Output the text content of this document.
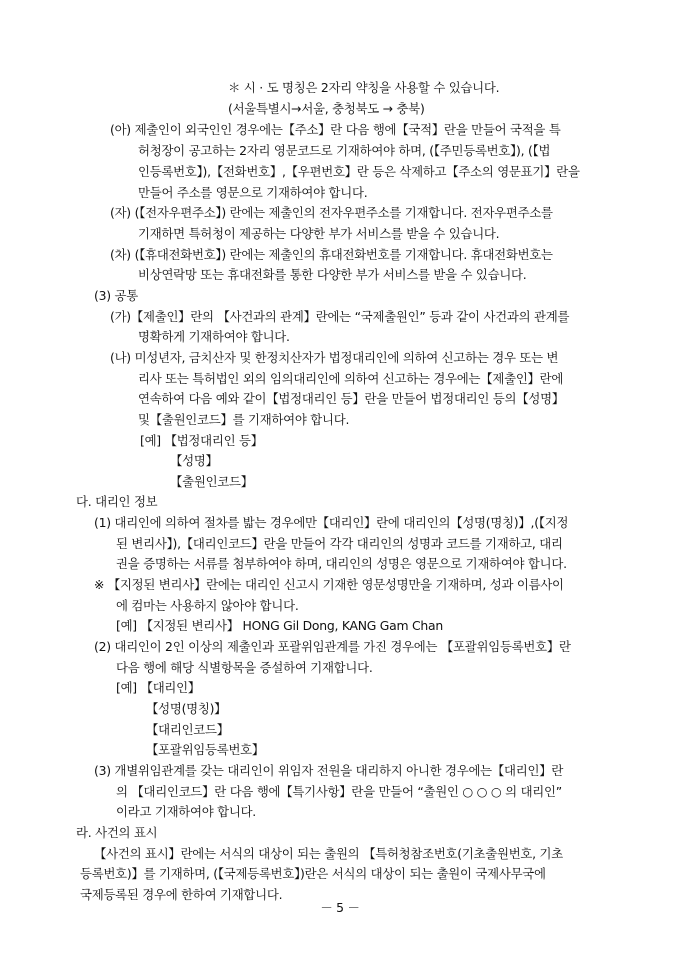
＊ 시 · 도 명칭은 2자리 약칭을 사용할 수 있습니다.
(서울특별시→서울, 충청북도 → 충북)
(아) 제출인이 외국인인 경우에는【주소】란 다음 행에【국적】란을 만들어 국적을 특
허청장이 공고하는 2자리 영문코드로 기재하여야 하며, (【주민등록번호】), (【법
인등록번호】),【전화번호】,【우편번호】란 등은 삭제하고【주소의 영문표기】란을
만들어 주소를 영문으로 기재하여야 합니다.
(자) (【전자우편주소】) 란에는 제출인의 전자우편주소를 기재합니다. 전자우편주소를
기재하면 특허청이 제공하는 다양한 부가 서비스를 받을 수 있습니다.
(차) (【휴대전화번호】) 란에는 제출인의 휴대전화번호를 기재합니다. 휴대전화번호는
비상연락망 또는 휴대전화를 통한 다양한 부가 서비스를 받을 수 있습니다.
(3) 공통
(가)【제출인】란의 【사건과의 관계】란에는 “국제출원인” 등과 같이 사건과의 관계를
명확하게 기재하여야 합니다.
(나) 미성년자, 금치산자 및 한정치산자가 법정대리인에 의하여 신고하는 경우 또는 변
리사 또는 특허법인 외의 임의대리인에 의하여 신고하는 경우에는【제출인】란에
연속하여 다음 예와 같이【법정대리인 등】란을 만들어 법정대리인 등의【성명】
및【출원인코드】를 기재하여야 합니다.
[예] 【법정대리인 등】
【성명】
【출원인코드】
다. 대리인 정보
(1) 대리인에 의하여 절차를 밟는 경우에만【대리인】란에 대리인의【성명(명칭)】,(【지정
된 변리사】),【대리인코드】란을 만들어 각각 대리인의 성명과 코드를 기재하고, 대리
권을 증명하는 서류를 첨부하여야 하며, 대리인의 성명은 영문으로 기재하여야 합니다.
※ 【지정된 변리사】란에는 대리인 신고시 기재한 영문성명만을 기재하며, 성과 이름사이
에 컴마는 사용하지 않아야 합니다.
[예] 【지정된 변리사】 HONG Gil Dong, KANG Gam Chan
(2) 대리인이 2인 이상의 제출인과 포괄위임관계를 가진 경우에는 【포괄위임등록번호】란
다음 행에 해당 식별항목을 증설하여 기재합니다.
[예] 【대리인】
【성명(명칭)】
【대리인코드】
【포괄위임등록번호】
(3) 개별위임관계를 갖는 대리인이 위임자 전원을 대리하지 아니한 경우에는【대리인】란
의 【대리인코드】란 다음 행에【특기사항】란을 만들어 “출원인 ○ ○ ○ 의 대리인”
이라고 기재하여야 합니다.
라. 사건의 표시
【사건의 표시】란에는 서식의 대상이 되는 출원의 【특허청참조번호(기초출원번호, 기초
등록번호)】를 기재하며, (【국제등록번호】)란은 서식의 대상이 되는 출원이 국제사무국에
국제등록된 경우에 한하여 기재합니다.
－ 5 －
